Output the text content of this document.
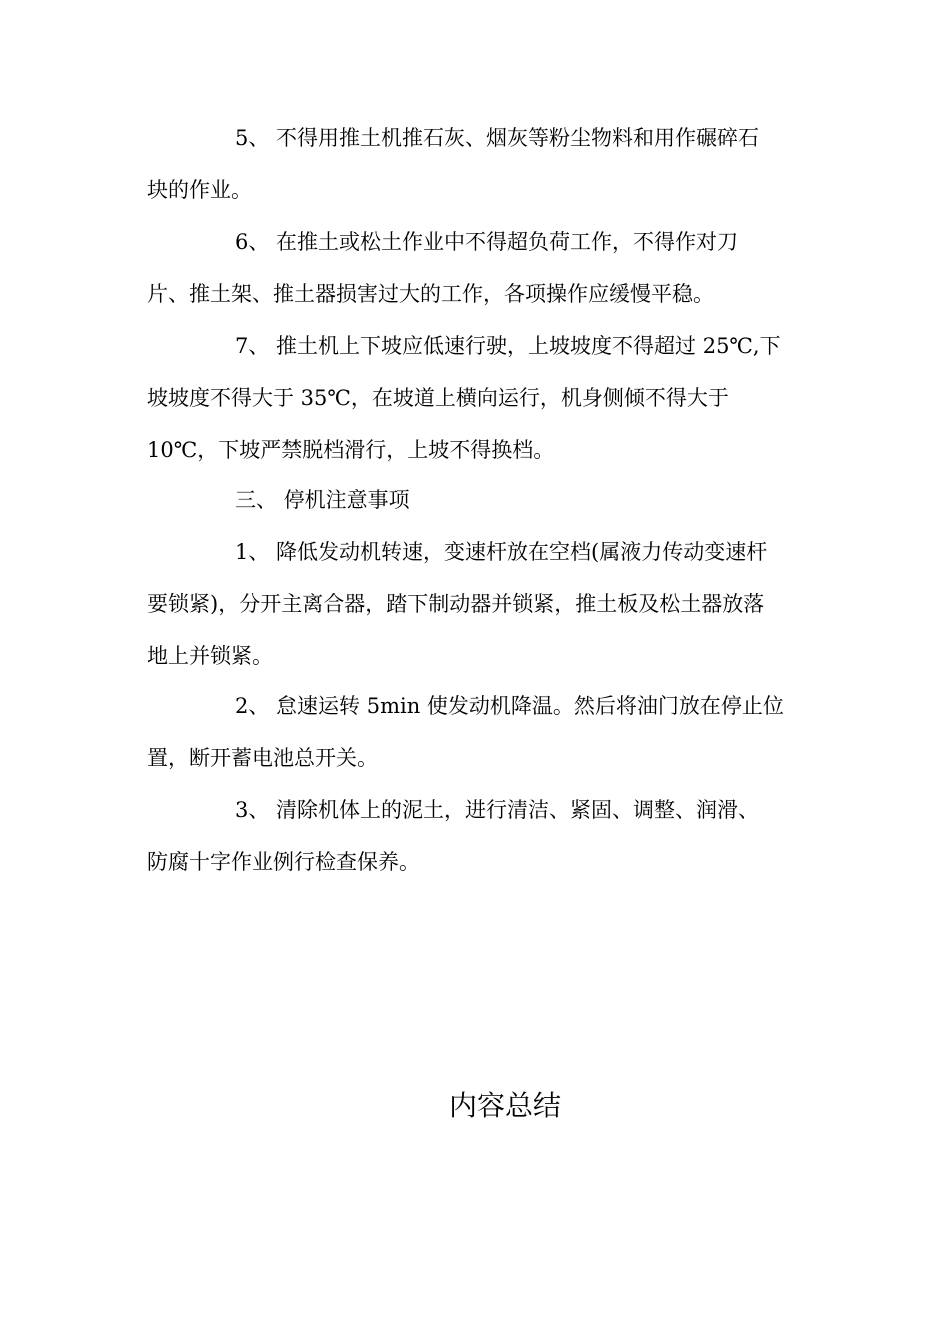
5、 不得用推土机推石灰、烟灰等粉尘物料和用作碾碎石
块的作业。
6、 在推土或松土作业中不得超负荷工作，不得作对刀
片、推土架、推土器损害过大的工作，各项操作应缓慢平稳。
7、 推土机上下坡应低速行驶，上坡坡度不得超过 25℃,下
坡坡度不得大于 35℃，在坡道上横向运行，机身侧倾不得大于
10℃，下坡严禁脱档滑行，上坡不得换档。
三、 停机注意事项
1、 降低发动机转速，变速杆放在空档(属液力传动变速杆
要锁紧)，分开主离合器，踏下制动器并锁紧，推土板及松土器放落
地上并锁紧。
2、 怠速运转 5min 使发动机降温。然后将油门放在停止位
置，断开蓄电池总开关。
3、 清除机体上的泥土，进行清洁、紧固、调整、润滑、
防腐十字作业例行检查保养。
内容总结
